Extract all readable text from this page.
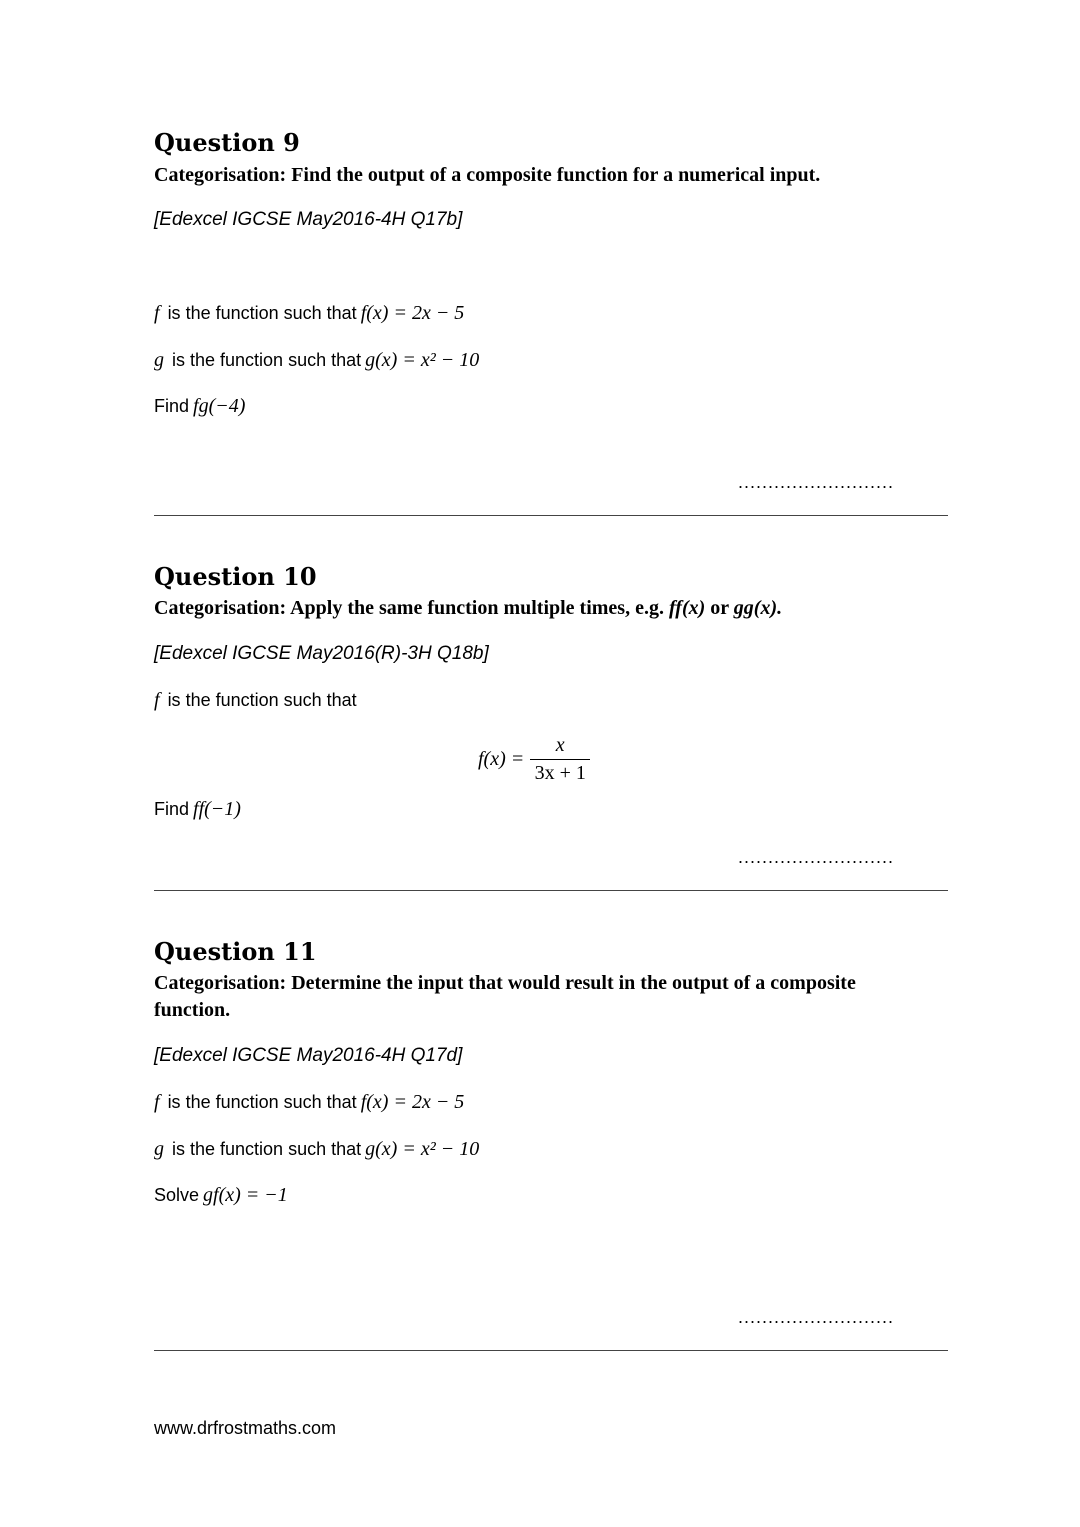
Question 9
Categorisation: Find the output of a composite function for a numerical input.
[Edexcel IGCSE May2016-4H Q17b]
f is the function such that f(x) = 2x − 5
g is the function such that g(x) = x² − 10
Find fg(−4)
..........................
Question 10
Categorisation: Apply the same function multiple times, e.g. ff(x) or gg(x).
[Edexcel IGCSE May2016(R)-3H Q18b]
f is the function such that
$f(x) = \frac{x}{3x + 1}$
Find ff(−1)
..........................
Question 11
Categorisation: Determine the input that would result in the output of a composite
function.
[Edexcel IGCSE May2016-4H Q17d]
f is the function such that f(x) = 2x − 5
g is the function such that g(x) = x² − 10
Solve gf(x) = −1
..........................
www.drfrostmaths.com
